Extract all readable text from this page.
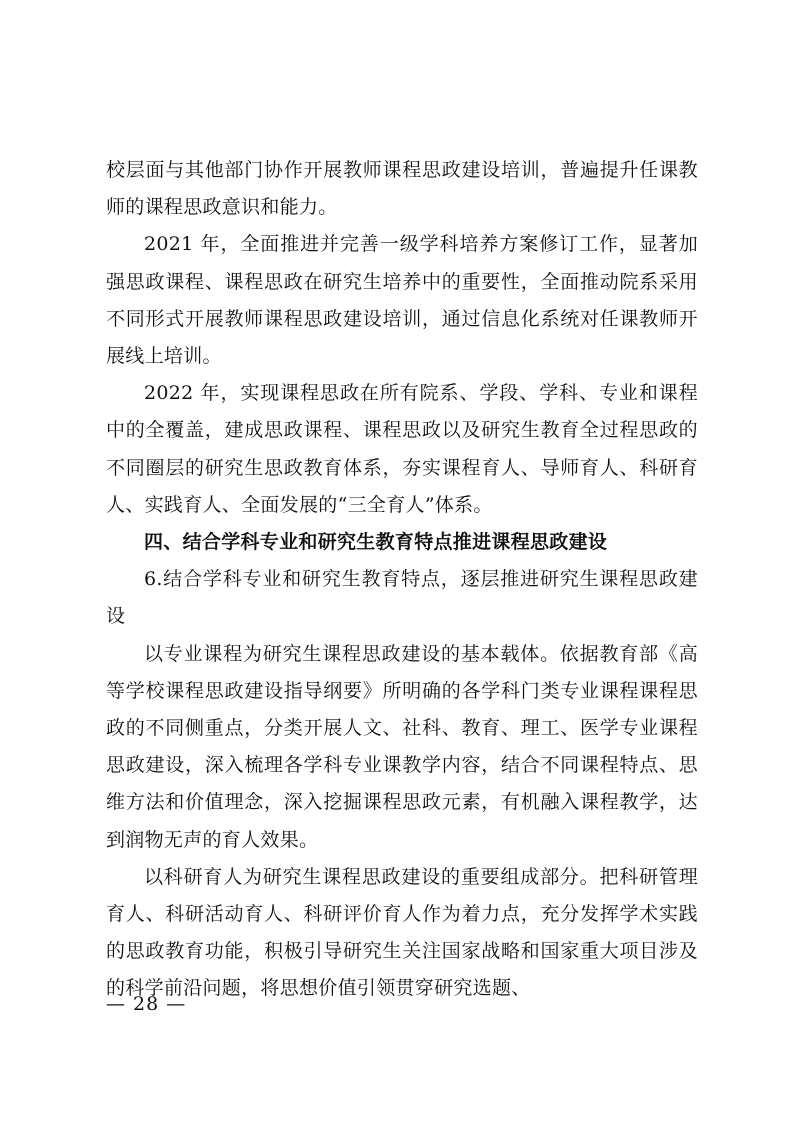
校层面与其他部门协作开展教师课程思政建设培训，普遍提升任课教师的课程思政意识和能力。

2021 年，全面推进并完善一级学科培养方案修订工作，显著加强思政课程、课程思政在研究生培养中的重要性，全面推动院系采用不同形式开展教师课程思政建设培训，通过信息化系统对任课教师开展线上培训。

2022 年，实现课程思政在所有院系、学段、学科、专业和课程中的全覆盖，建成思政课程、课程思政以及研究生教育全过程思政的不同圈层的研究生思政教育体系，夯实课程育人、导师育人、科研育人、实践育人、全面发展的“三全育人”体系。

四、结合学科专业和研究生教育特点推进课程思政建设

6.结合学科专业和研究生教育特点，逐层推进研究生课程思政建设

以专业课程为研究生课程思政建设的基本载体。依据教育部《高等学校课程思政建设指导纲要》所明确的各学科门类专业课程课程思政的不同侧重点，分类开展人文、社科、教育、理工、医学专业课程思政建设，深入梳理各学科专业课教学内容，结合不同课程特点、思维方法和价值理念，深入挖掘课程思政元素，有机融入课程教学，达到润物无声的育人效果。

以科研育人为研究生课程思政建设的重要组成部分。把科研管理育人、科研活动育人、科研评价育人作为着力点，充分发挥学术实践的思政教育功能，积极引导研究生关注国家战略和国家重大项目涉及的科学前沿问题，将思想价值引领贯穿研究选题、

— 28 —
